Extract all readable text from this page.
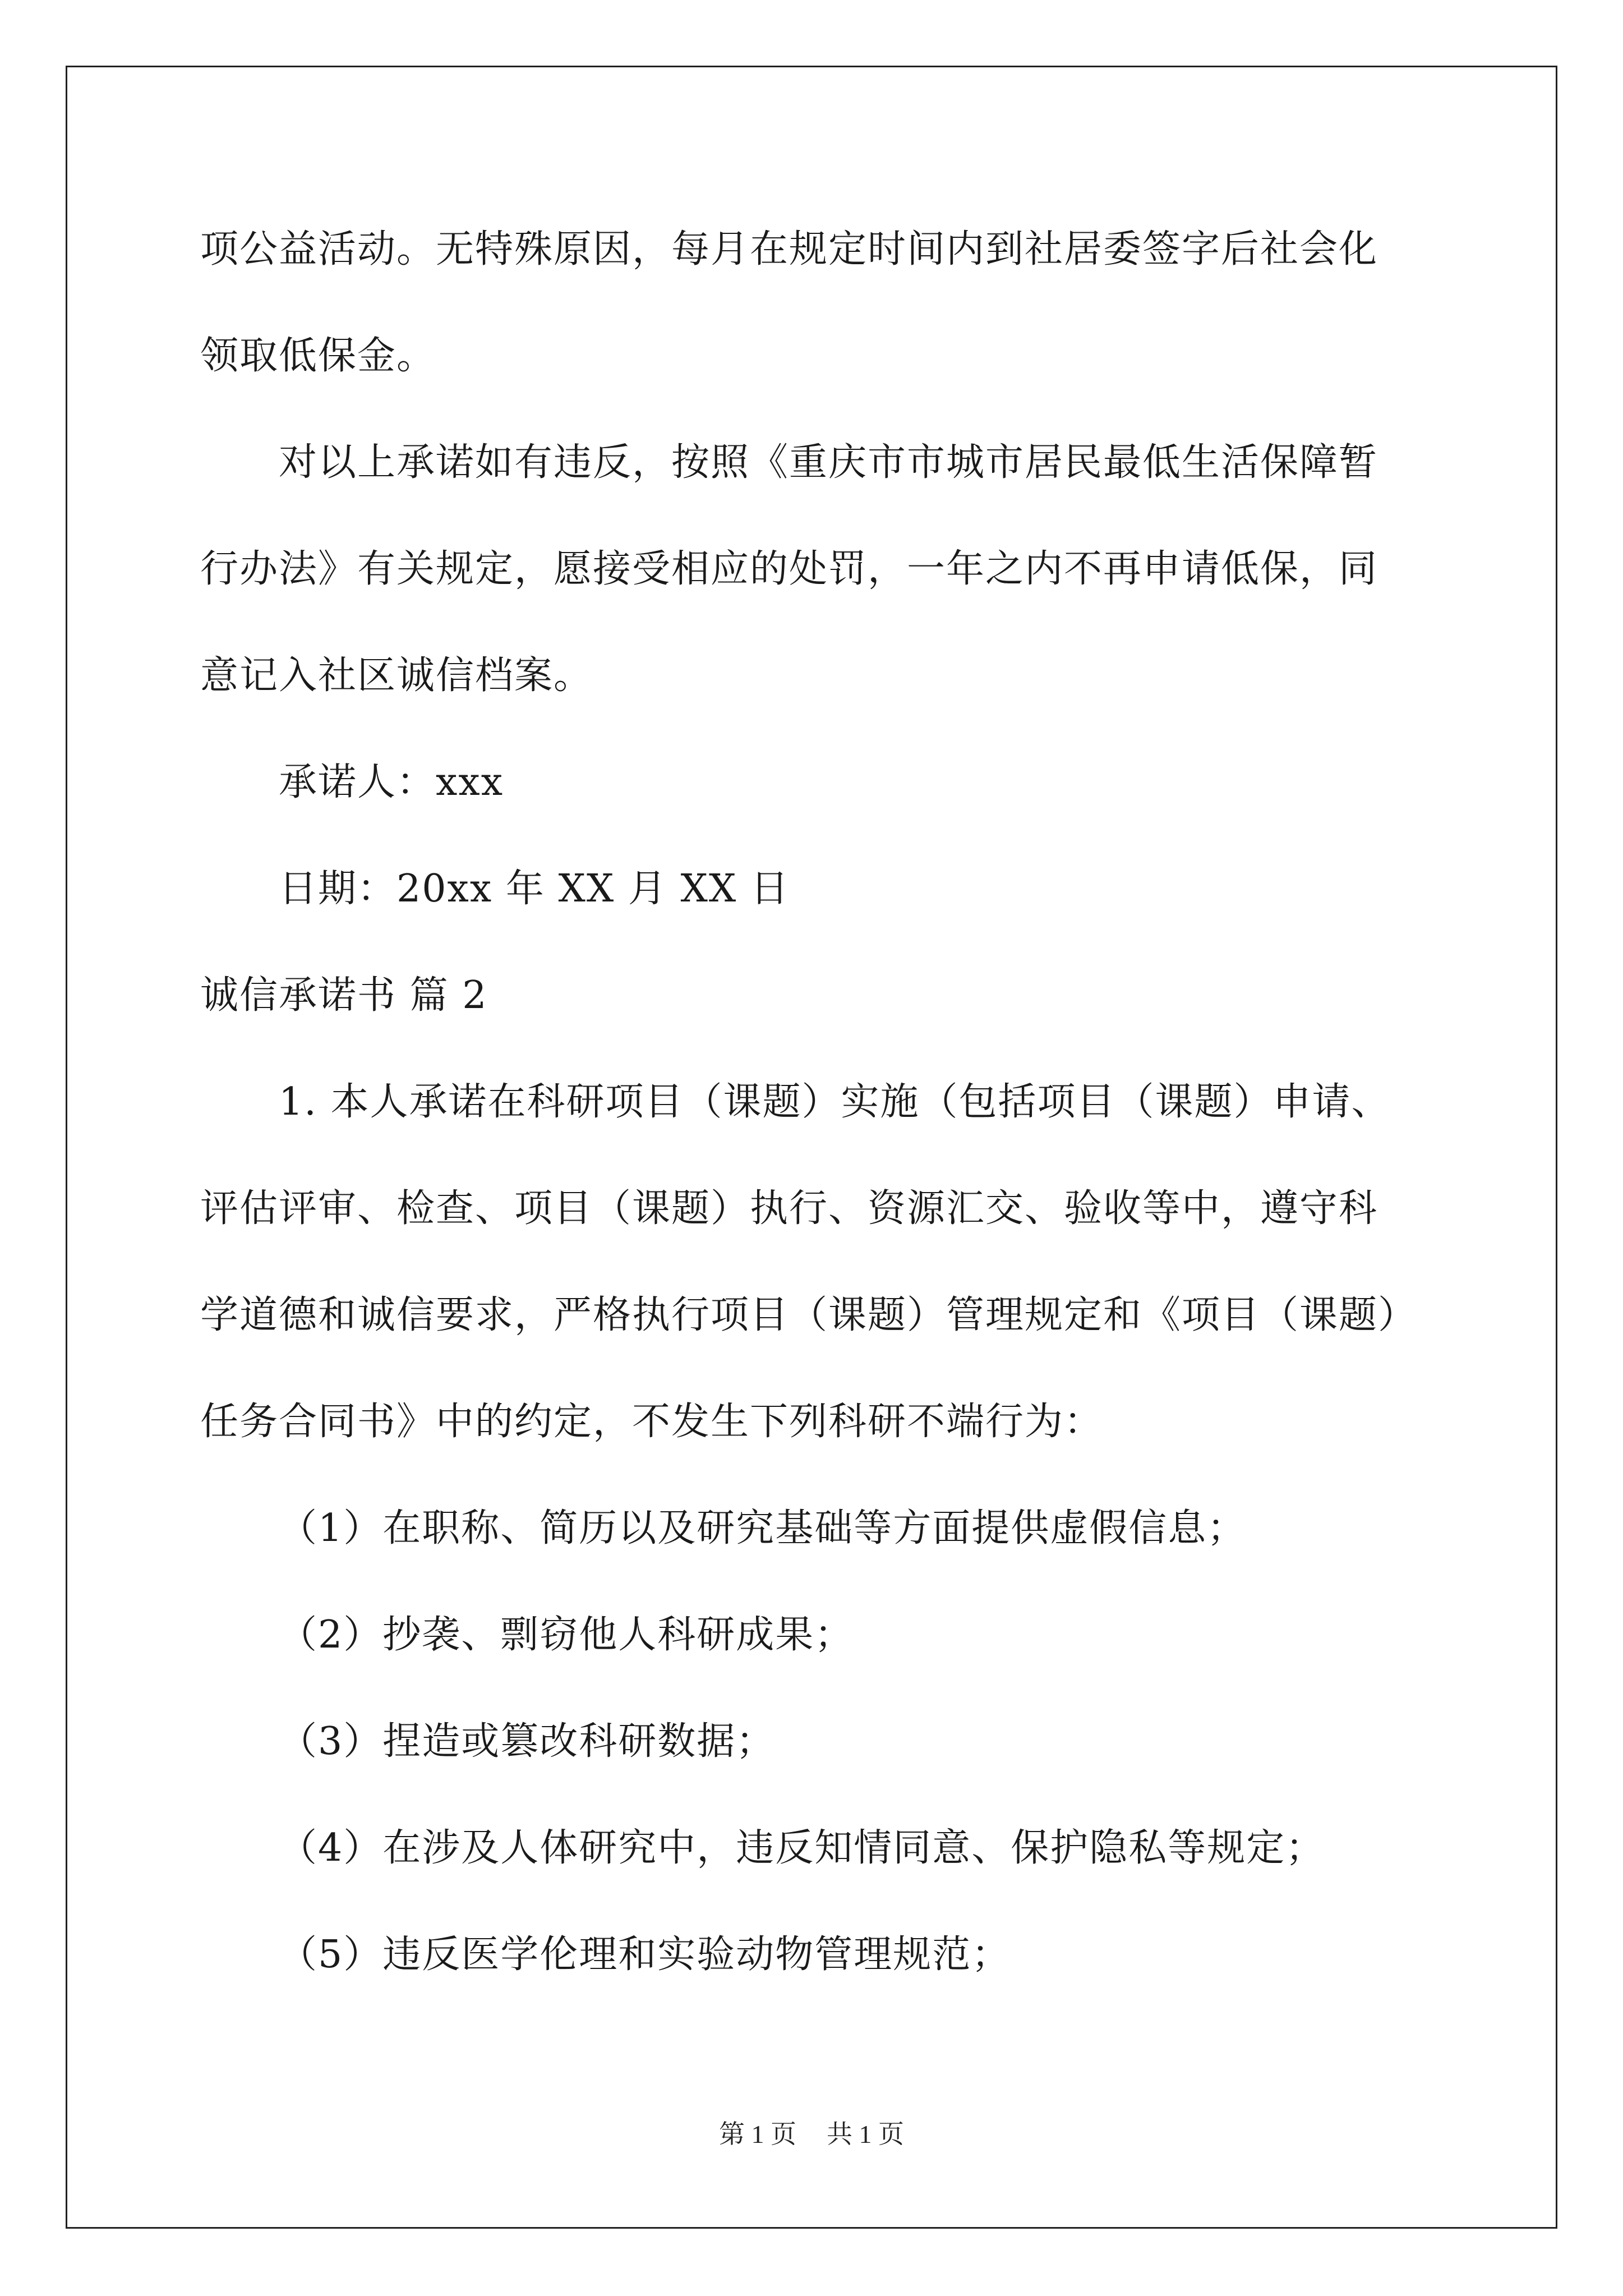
项公益活动。无特殊原因，每月在规定时间内到社居委签字后社会化
领取低保金。
对以上承诺如有违反，按照《重庆市市城市居民最低生活保障暂
行办法》有关规定，愿接受相应的处罚，一年之内不再申请低保，同
意记入社区诚信档案。
承诺人：xxx
日期：20xx 年 XX 月 XX 日
诚信承诺书 篇 2
1. 本人承诺在科研项目（课题）实施（包括项目（课题）申请、
评估评审、检查、项目（课题）执行、资源汇交、验收等中，遵守科
学道德和诚信要求，严格执行项目（课题）管理规定和《项目（课题）
任务合同书》中的约定，不发生下列科研不端行为：
（1）在职称、简历以及研究基础等方面提供虚假信息；
（2）抄袭、剽窃他人科研成果；
（3）捏造或篡改科研数据；
（4）在涉及人体研究中，违反知情同意、保护隐私等规定；
（5）违反医学伦理和实验动物管理规范；
第 1 页 共 1 页
